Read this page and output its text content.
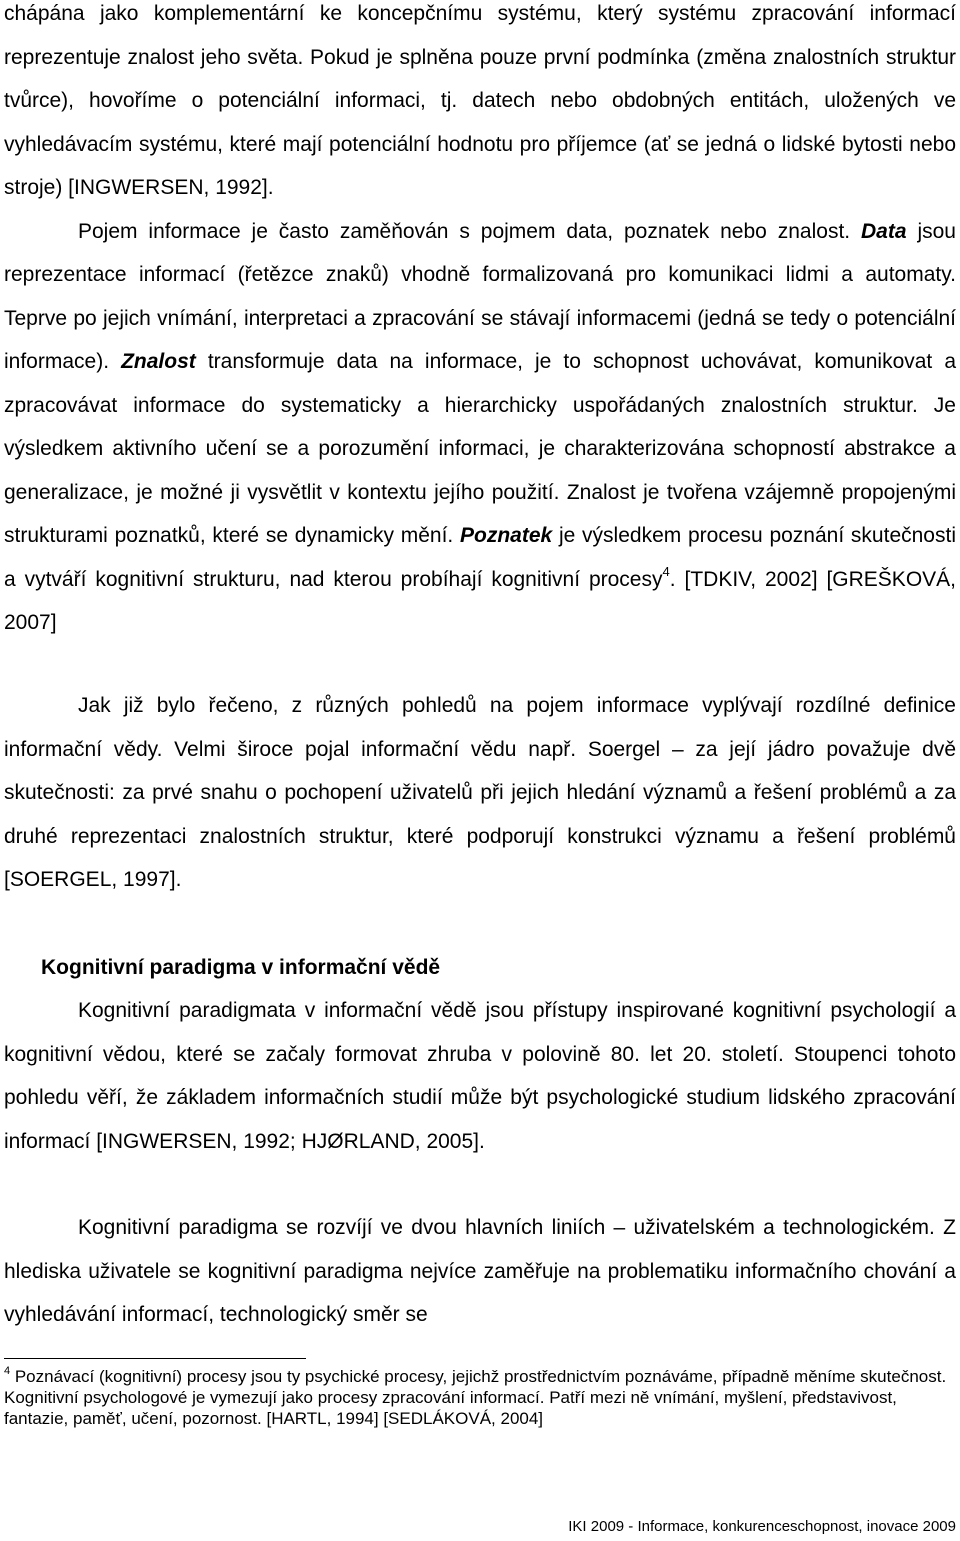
chápána jako komplementární ke koncepčnímu systému, který systému zpracování informací reprezentuje znalost jeho světa. Pokud je splněna pouze první podmínka (změna znalostních struktur tvůrce), hovoříme o potenciální informaci, tj. datech nebo obdobných entitách, uložených ve vyhledávacím systému, které mají potenciální hodnotu pro příjemce (ať se jedná o lidské bytosti nebo stroje) [INGWERSEN, 1992].
Pojem informace je často zaměňován s pojmem data, poznatek nebo znalost. Data jsou reprezentace informací (řetězce znaků) vhodně formalizovaná pro komunikaci lidmi a automaty. Teprve po jejich vnímání, interpretaci a zpracování se stávají informacemi (jedná se tedy o potenciální informace). Znalost transformuje data na informace, je to schopnost uchovávat, komunikovat a zpracovávat informace do systematicky a hierarchicky uspořádaných znalostních struktur. Je výsledkem aktivního učení se a porozumění informaci, je charakterizována schopností abstrakce a generalizace, je možné ji vysvětlit v kontextu jejího použití. Znalost je tvořena vzájemně propojenými strukturami poznatků, které se dynamicky mění. Poznatek je výsledkem procesu poznání skutečnosti a vytváří kognitivní strukturu, nad kterou probíhají kognitivní procesy$^4$. [TDKIV, 2002] [GREŠKOVÁ, 2007]

Jak již bylo řečeno, z různých pohledů na pojem informace vyplývají rozdílné definice informační vědy. Velmi široce pojal informační vědu např. Soergel – za její jádro považuje dvě skutečnosti: za prvé snahu o pochopení uživatelů při jejich hledání významů a řešení problémů a za druhé reprezentaci znalostních struktur, které podporují konstrukci významu a řešení problémů [SOERGEL, 1997].

Kognitivní paradigma v informační vědě

Kognitivní paradigmata v informační vědě jsou přístupy inspirované kognitivní psychologií a kognitivní vědou, které se začaly formovat zhruba v polovině 80. let 20. století. Stoupenci tohoto pohledu věří, že základem informačních studií může být psychologické studium lidského zpracování informací [INGWERSEN, 1992; HJØRLAND, 2005].

Kognitivní paradigma se rozvíjí ve dvou hlavních liniích – uživatelském a technologickém. Z hlediska uživatele se kognitivní paradigma nejvíce zaměřuje na problematiku informačního chování a vyhledávání informací, technologický směr se

$^4$ Poznávací (kognitivní) procesy jsou ty psychické procesy, jejichž prostřednictvím poznáváme, případně měníme skutečnost. Kognitivní psychologové je vymezují jako procesy zpracování informací. Patří mezi ně vnímání, myšlení, představivost, fantazie, paměť, učení, pozornost. [HARTL, 1994] [SEDLÁKOVÁ, 2004]

IKI 2009 - Informace, konkurenceschopnost, inovace 2009
